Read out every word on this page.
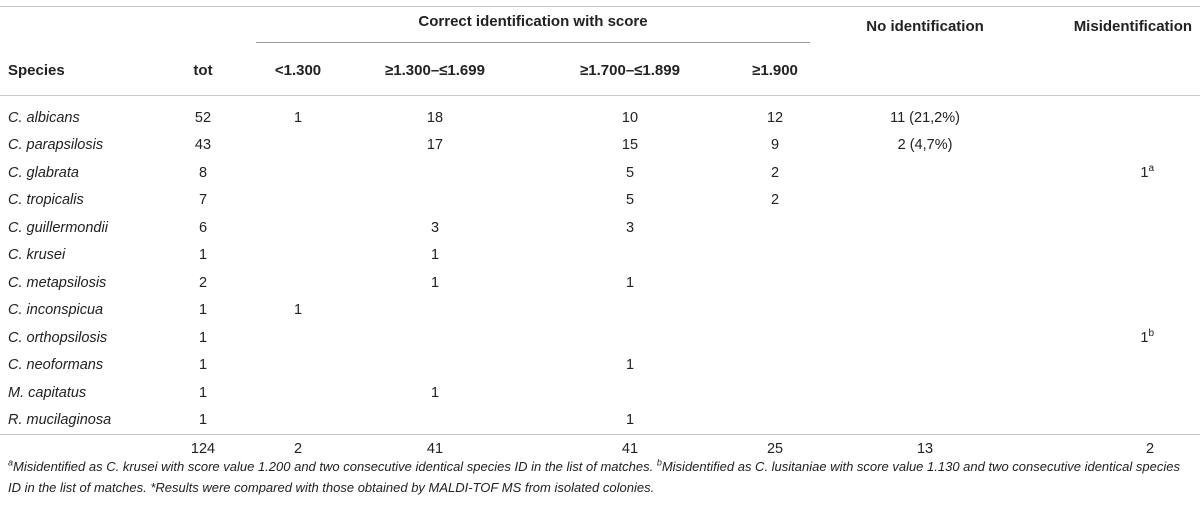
		Correct identification with score				No identification	Misidentification
Species	tot	<1.300	≥1.300–≤1.699	≥1.700–≤1.899	≥1.900		
C. albicans	52	1	18	10	12	11 (21,2%)	
C. parapsilosis	43		17	15	9	2 (4,7%)	
C. glabrata	8			5	2		1$^a$
C. tropicalis	7			5	2		
C. guillermondii	6		3	3			
C. krusei	1		1				
C. metapsilosis	2		1	1			
C. inconspicua	1	1					
C. orthopsilosis	1						1$^b$
C. neoformans	1			1			
M. capitatus	1		1				
R. mucilaginosa	1			1			
	124	2	41	41	25	13	2
$^a$Misidentified as C. krusei with score value 1.200 and two consecutive identical species ID in the list of matches. $^b$Misidentified as C. lusitaniae with score value 1.130 and two consecutive identical species ID in the list of matches. *Results were compared with those obtained by MALDI-TOF MS from isolated colonies.
